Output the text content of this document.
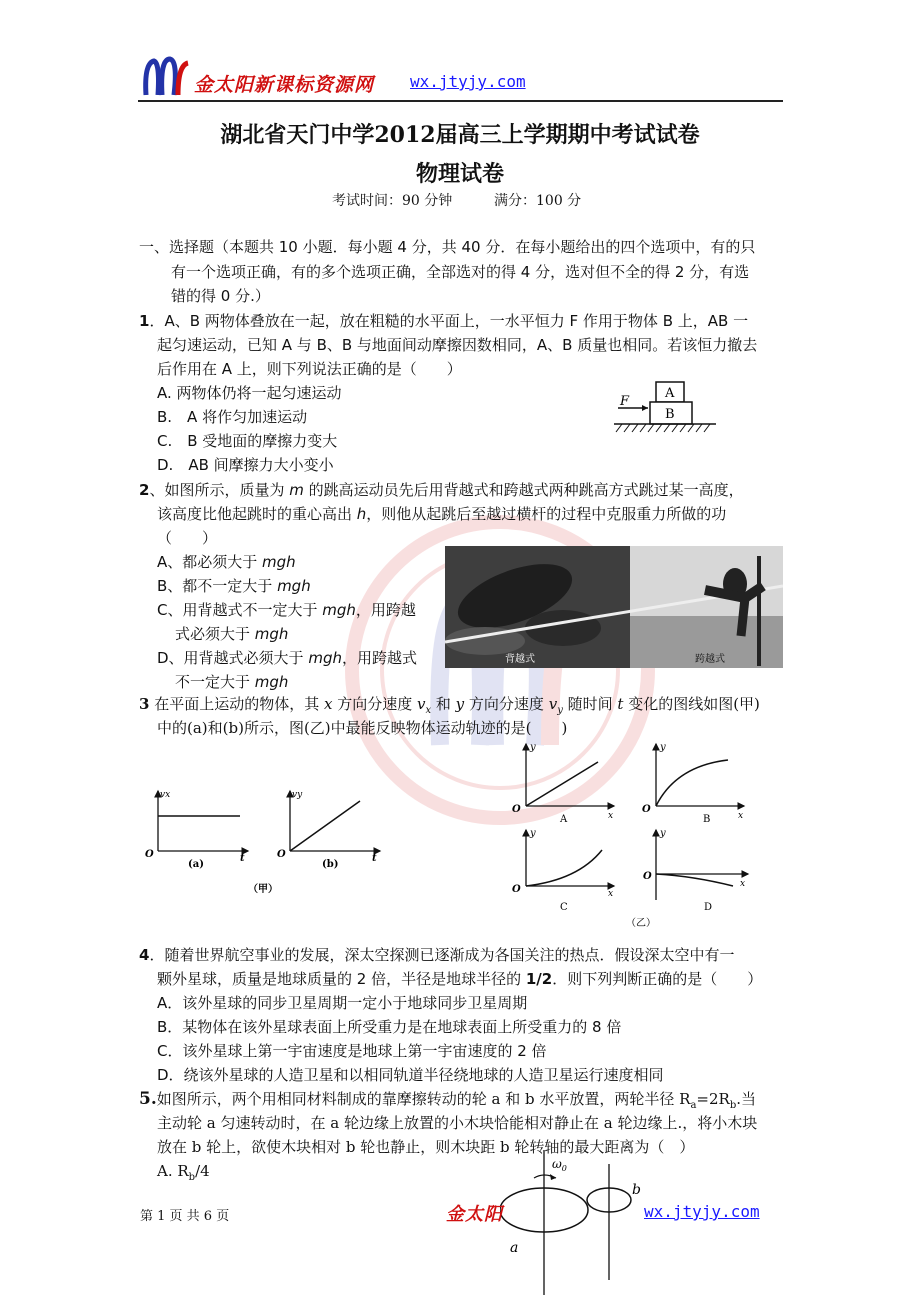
金太阳新课标资源网 wx.jtyjy.com
湖北省天门中学2012届高三上学期期中考试试卷
物理试卷
考试时间：90 分钟	满分：100 分
一、选择题（本题共 10 小题．每小题 4 分，共 40 分．在每小题给出的四个选项中，有的只
有一个选项正确，有的多个选项正确，全部选对的得 4 分，选对但不全的得 2 分，有选
错的得 0 分.）
1．A、B 两物体叠放在一起，放在粗糙的水平面上，一水平恒力 F 作用于物体 B 上，AB 一
起匀速运动，已知 A 与 B、B 与地面间动摩擦因数相同，A、B 质量也相同。若该恒力撤去
后作用在 A 上，则下列说法正确的是（　　）
A. 两物体仍将一起匀速运动
B.　A 将作匀加速运动
C.　B 受地面的摩擦力变大
D.　AB 间摩擦力大小变小
F
A
B
2、如图所示，质量为 m 的跳高运动员先后用背越式和跨越式两种跳高方式跳过某一高度，
该高度比他起跳时的重心高出 h，则他从起跳后至越过横杆的过程中克服重力所做的功
（　　）
A、都必须大于 mgh
B、都不一定大于 mgh
C、用背越式不一定大于 mgh，用跨越
式必须大于 mgh
D、用背越式必须大于 mgh，用跨越式
不一定大于 mgh
背越式	跨越式
3 在平面上运动的物体，其 x 方向分速度 $v_x$ 和 y 方向分速度 $v_y$ 随时间 t 变化的图线如图(甲)
中的(a)和(b)所示，图(乙)中最能反映物体运动轨迹的是(　　)
vx
O	t
(a)
vy
O	t
(b)
（甲）
y
O
x
A
y
O
x
B
y
O	x
C
y
O
x
D
（乙）
4．随着世界航空事业的发展，深太空探测已逐渐成为各国关注的热点．假设深太空中有一
颗外星球，质量是地球质量的 2 倍，半径是地球半径的 1/2．则下列判断正确的是（　　）
A．该外星球的同步卫星周期一定小于地球同步卫星周期
B．某物体在该外星球表面上所受重力是在地球表面上所受重力的 8 倍
C．该外星球上第一宇宙速度是地球上第一宇宙速度的 2 倍
D．绕该外星球的人造卫星和以相同轨道半径绕地球的人造卫星运行速度相同
5.如图所示，两个用相同材料制成的靠摩擦转动的轮 a 和 b 水平放置，两轮半径 $R_a=2R_b$.当
主动轮 a 匀速转动时，在 a 轮边缘上放置的小木块恰能相对静止在 a 轮边缘上.，将小木块
放在 b 轮上，欲使木块相对 b 轮也静止，则木块距 b 轮转轴的最大距离为（　）
A. $R_b/4$	$\omega_0$
a
b
第 1 页 共 6 页	金太阳	wx.jtyjy.com
